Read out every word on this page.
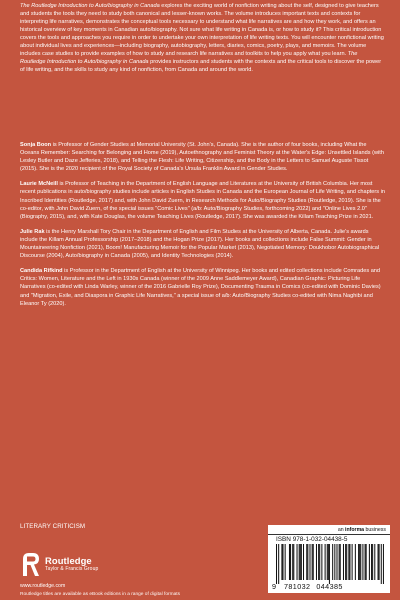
The Routledge Introduction to Auto/biography in Canada explores the exciting world of nonfiction writing about the self, designed to give teachers and students the tools they need to study both canonical and lesser-known works. The volume introduces important texts and contexts for interpreting life narratives, demonstrates the conceptual tools necessary to understand what life narratives are and how they work, and offers an historical overview of key moments in Canadian auto/biography. Not sure what life writing in Canada is, or how to study it? This critical introduction covers the tools and approaches you require in order to undertake your own interpretation of life writing texts. You will encounter nonfictional writing about individual lives and experiences—including biography, autobiography, letters, diaries, comics, poetry, plays, and memoirs. The volume includes case studies to provide examples of how to study and research life narratives and toolkits to help you apply what you learn. The Routledge Introduction to Auto/biography in Canada provides instructors and students with the contexts and the critical tools to discover the power of life writing, and the skills to study any kind of nonfiction, from Canada and around the world.

Sonja Boon is Professor of Gender Studies at Memorial University (St. John's, Canada). She is the author of four books, including What the Oceans Remember: Searching for Belonging and Home (2019), Autoethnography and Feminist Theory at the Water's Edge: Unsettled Islands (with Lesley Butler and Daze Jefferies, 2018), and Telling the Flesh: Life Writing, Citizenship, and the Body in the Letters to Samuel Auguste Tissot (2015). She is the 2020 recipient of the Royal Society of Canada's Ursula Franklin Award in Gender Studies.

Laurie McNeill is Professor of Teaching in the Department of English Language and Literatures at the University of British Columbia. Her most recent publications in auto/biography studies include articles in English Studies in Canada and the European Journal of Life Writing, and chapters in Inscribed Identities (Routledge, 2017) and, with John David Zuern, in Research Methods for Auto/Biography Studies (Routledge, 2019). She is the co-editor, with John David Zuern, of the special issues "Comic Lives" (a/b: Auto/Biography Studies, forthcoming 2022) and "Online Lives 2.0" (Biography, 2015), and, with Kate Douglas, the volume Teaching Lives (Routledge, 2017). She was awarded the Killam Teaching Prize in 2021.

Julie Rak is the Henry Marshall Tory Chair in the Department of English and Film Studies at the University of Alberta, Canada. Julie's awards include the Killam Annual Professorship (2017–2018) and the Hogan Prize (2017). Her books and collections include False Summit: Gender in Mountaineering Nonfiction (2021), Boom! Manufacturing Memoir for the Popular Market (2013), Negotiated Memory: Doukhobor Autobiographical Discourse (2004), Auto/biography in Canada (2005), and Identity Technologies (2014).

Candida Rifkind is Professor in the Department of English at the University of Winnipeg. Her books and edited collections include Comrades and Critics: Women, Literature and the Left in 1930s Canada (winner of the 2009 Anne Saddlemeyer Award), Canadian Graphic: Picturing Life Narratives (co-edited with Linda Warley, winner of the 2016 Gabrielle Roy Prize), Documenting Trauma in Comics (co-edited with Dominic Davies) and "Migration, Exile, and Diaspora in Graphic Life Narratives," a special issue of a/b: Auto/Biography Studies co-edited with Nima Naghibi and Eleanor Ty (2020).

LITERARY CRITICISM
Routledge
Taylor & Francis Group
www.routledge.com
Routledge titles are available as eBook editions in a range of digital formats
an informa business
ISBN 978-1-032-04438-5
9	781032 044385
